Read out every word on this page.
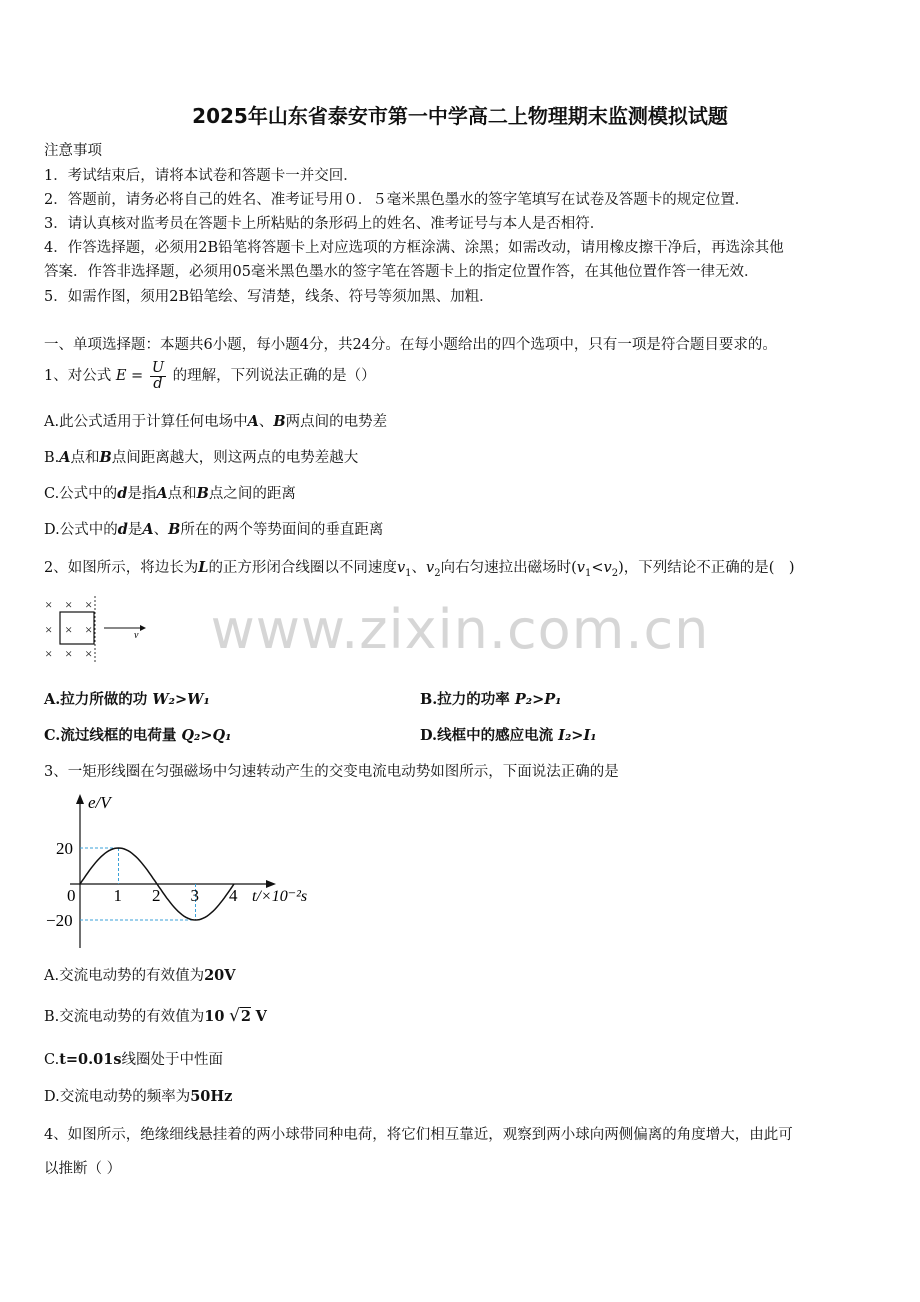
2025年山东省泰安市第一中学高二上物理期末监测模拟试题
注意事项
1．考试结束后，请将本试卷和答题卡一并交回．
2．答题前，请务必将自己的姓名、准考证号用０．５毫米黑色墨水的签字笔填写在试卷及答题卡的规定位置．
3．请认真核对监考员在答题卡上所粘贴的条形码上的姓名、准考证号与本人是否相符．
4．作答选择题，必须用2B铅笔将答题卡上对应选项的方框涂满、涂黑；如需改动，请用橡皮擦干净后，再选涂其他
答案．作答非选择题，必须用05毫米黑色墨水的签字笔在答题卡上的指定位置作答，在其他位置作答一律无效．
5．如需作图，须用2B铅笔绘、写清楚，线条、符号等须加黑、加粗．
一、单项选择题：本题共6小题，每小题4分，共24分。在每小题给出的四个选项中，只有一项是符合题目要求的。
1、对公式 $E = \frac{U}{d}$ 的理解，下列说法正确的是（）
A.此公式适用于计算任何电场中A、B两点间的电势差
B.A点和B点间距离越大，则这两点的电势差越大
C.公式中的d是指A点和B点之间的距离
D.公式中的d是A、B所在的两个等势面间的垂直距离
2、如图所示，将边长为L的正方形闭合线圈以不同速度$v_1$、$v_2$向右匀速拉出磁场时$(v_1<v_2)$，下列结论不正确的是(　)
× × ×
× × ×
× × ×
v	www.zixin.com.cn
A.拉力所做的功 W₂>W₁	B.拉力的功率 P₂>P₁
C.流过线框的电荷量 Q₂>Q₁	D.线框中的感应电流 I₂>I₁
3、一矩形线圈在匀强磁场中匀速转动产生的交变电流电动势如图所示，下面说法正确的是
e/V
20
−20
0 1 2 3 4 t/×10⁻²s
A.交流电动势的有效值为20V
B.交流电动势的有效值为10 √2 V
C.t=0.01s线圈处于中性面
D.交流电动势的频率为50Hz
4、如图所示，绝缘细线悬挂着的两小球带同种电荷，将它们相互靠近，观察到两小球向两侧偏离的角度增大，由此可
以推断（ ）
